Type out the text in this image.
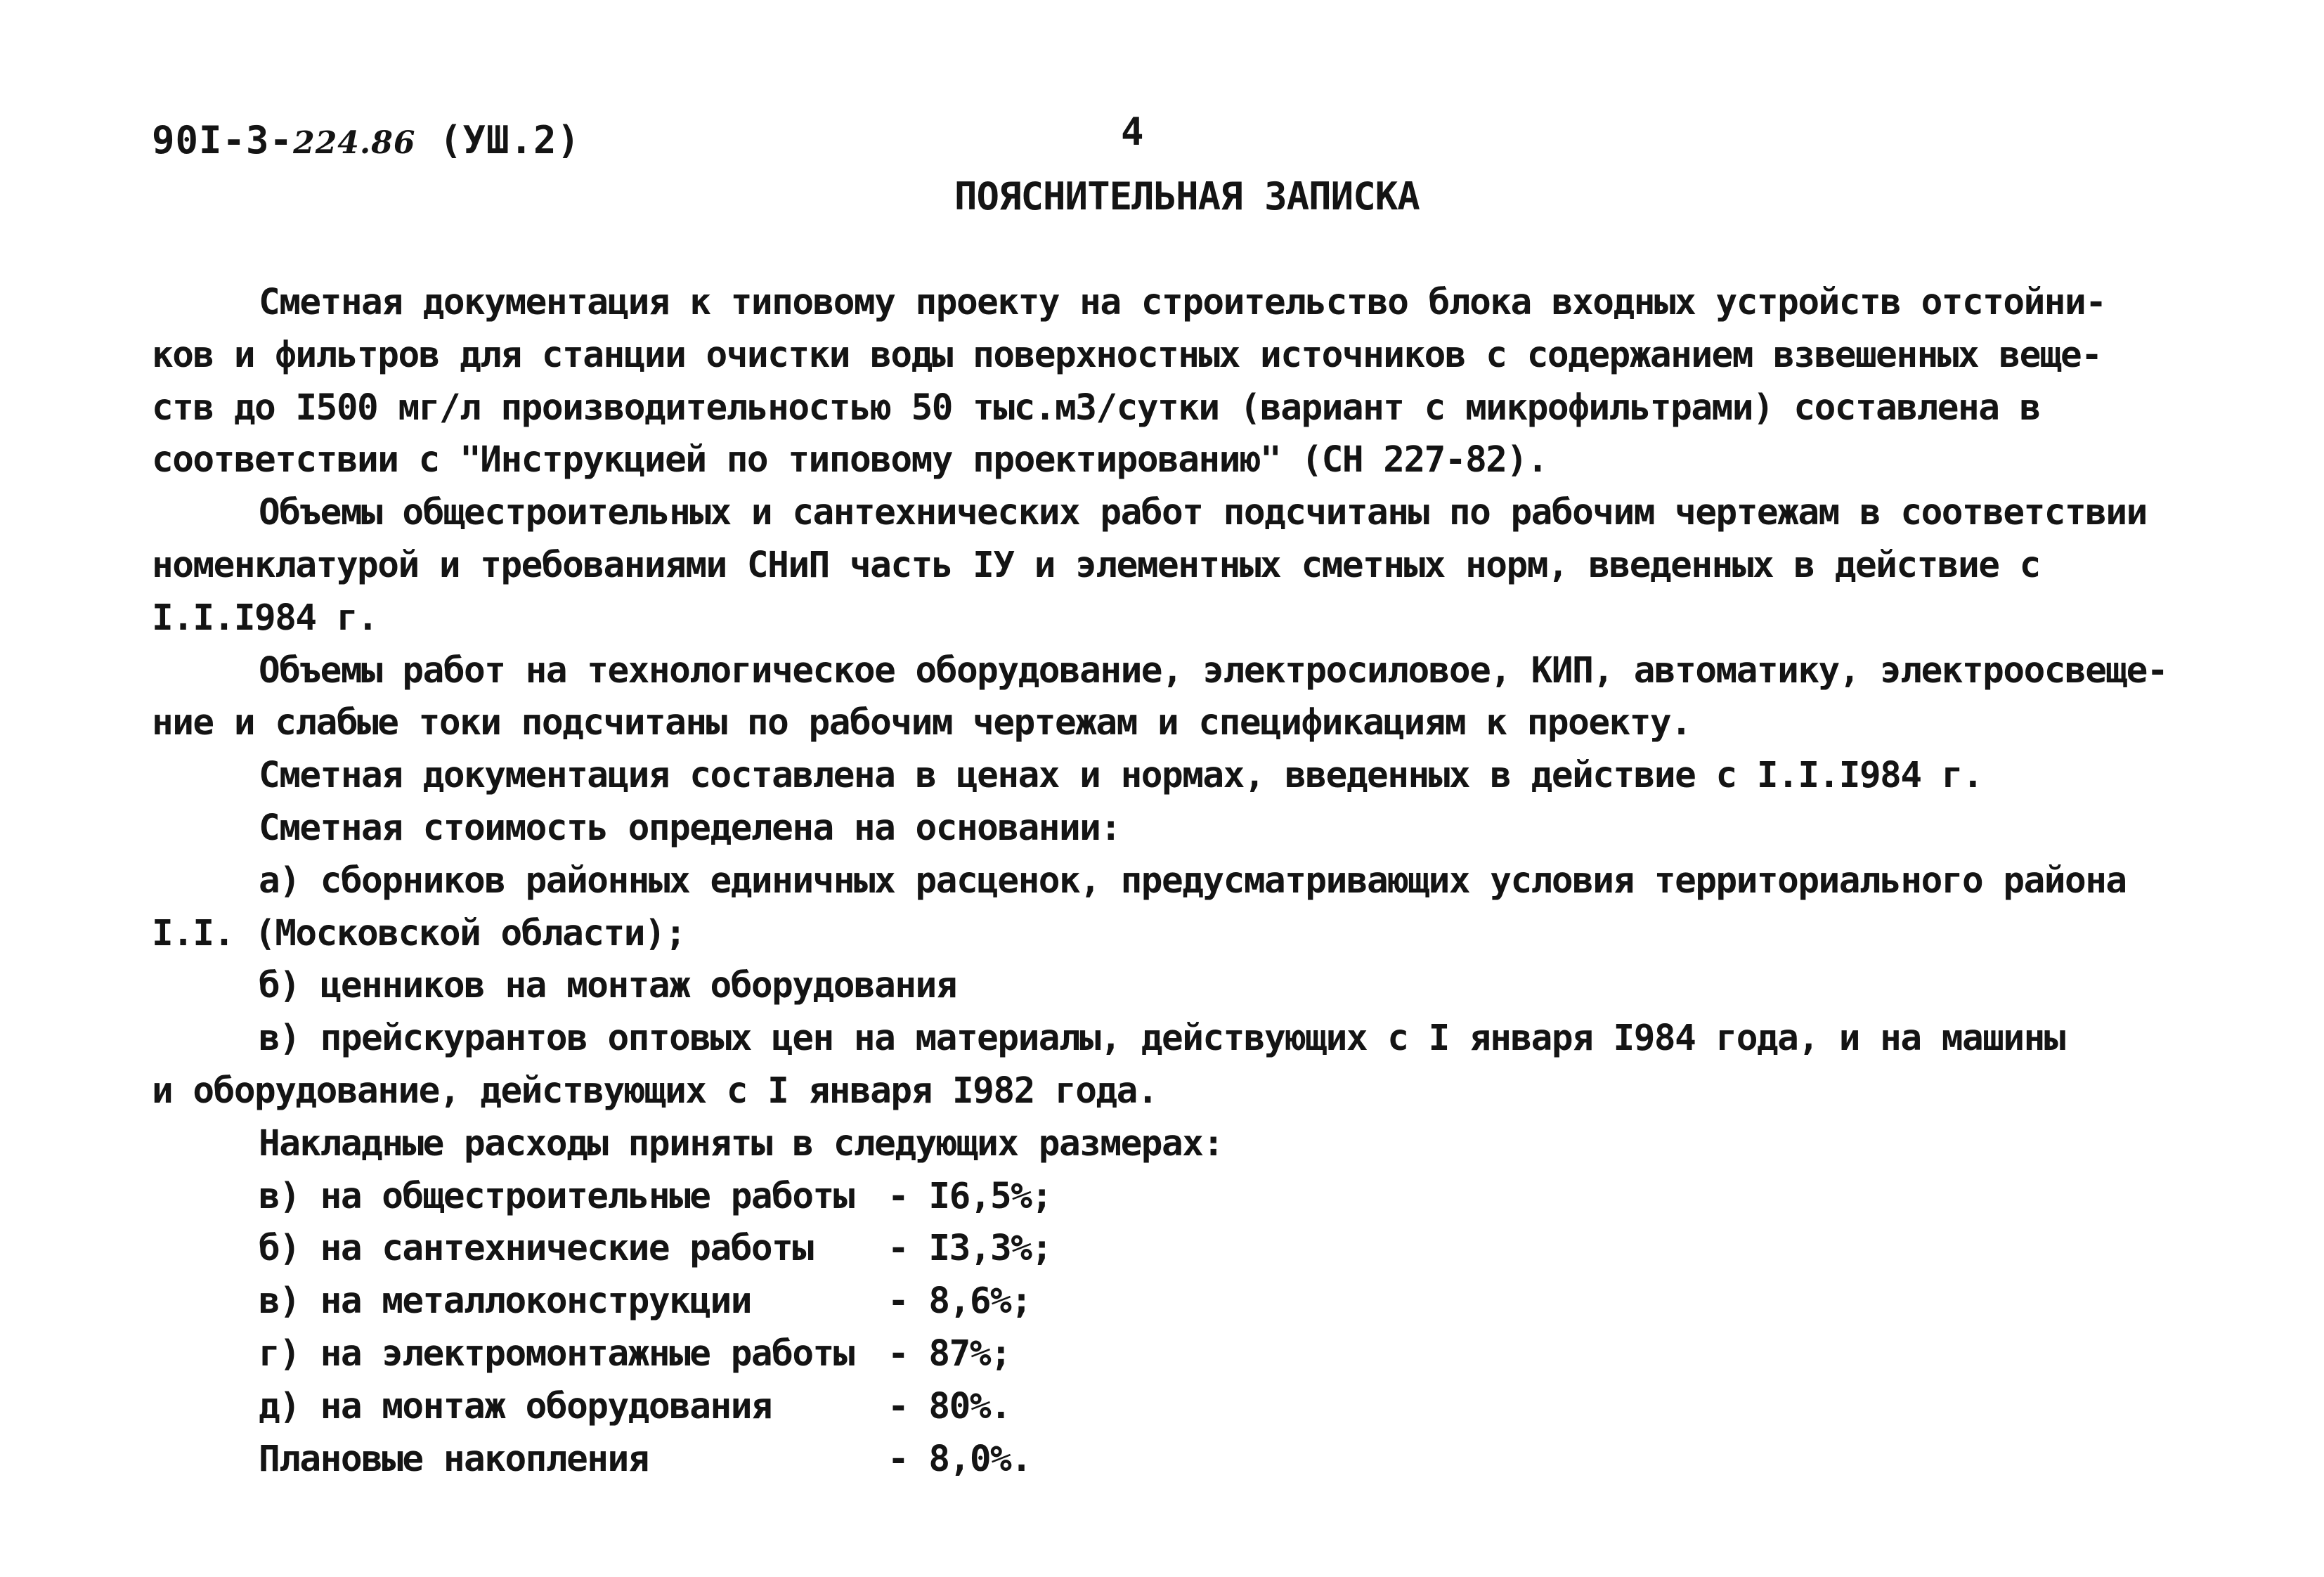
90I-3-224.86 (УШ.2)	4
ПОЯСНИТЕЛЬНАЯ ЗАПИСКА
Сметная документация к типовому проекту на строительство блока входных устройств отстойни-
ков и фильтров для станции очистки воды поверхностных источников с содержанием взвешенных веще-
ств до I500 мг/л производительностью 50 тыс.м3/сутки (вариант с микрофильтрами) составлена в
соответствии с "Инструкцией по типовому проектированию" (СН 227-82).
Объемы общестроительных и сантехнических работ подсчитаны по рабочим чертежам в соответствии
номенклатурой и требованиями СНиП часть IУ и элементных сметных норм, введенных в действие с
I.I.I984 г.
Объемы работ на технологическое оборудование, электросиловое, КИП, автоматику, электроосвеще-
ние и слабые токи подсчитаны по рабочим чертежам и спецификациям к проекту.
Сметная документация составлена в ценах и нормах, введенных в действие с I.I.I984 г.
Сметная стоимость определена на основании:
а) сборников районных единичных расценок, предусматривающих условия территориального района
I.I. (Московской области);
б) ценников на монтаж оборудования
в) прейскурантов оптовых цен на материалы, действующих с I января I984 года, и на машины
и оборудование, действующих с I января I982 года.
Накладные расходы приняты в следующих размерах:
в) на общестроительные работы - I6,5%;
б) на сантехнические работы - I3,3%;
в) на металлоконструкции	- 8,6%;
г) на электромонтажные работы - 87%;
д) на монтаж оборудования	- 80%.
Плановые накопления	- 8,0%.
